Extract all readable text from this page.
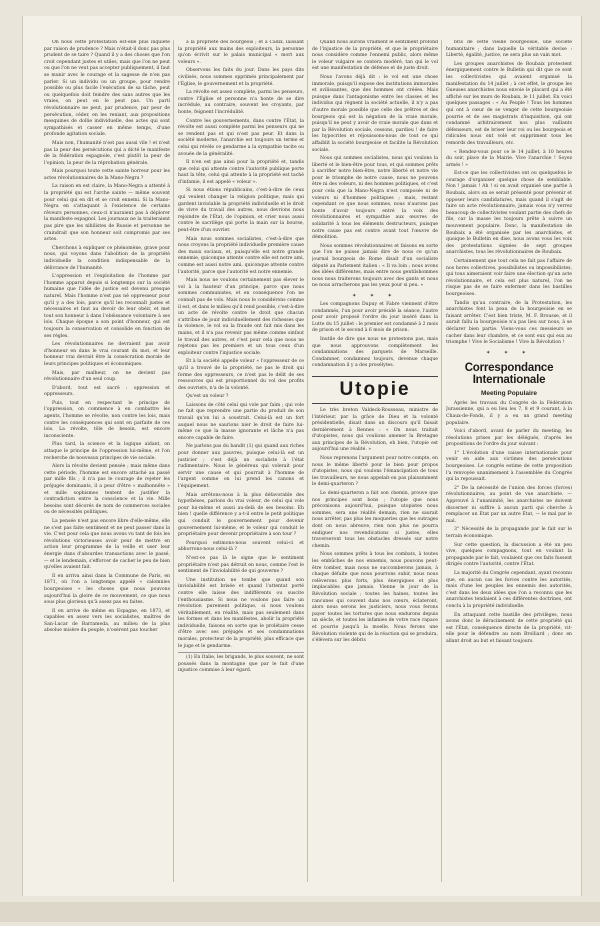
On nous cette protestation est-elle plus inquiète par raison de prudence ? Mais n'était-il donc pas plus prudent de se taire ? Quand il y a des choses que l'on croit cependant justes et utiles, mais que l'on ne peut ou que l'on ne veut pas accepter publiquement, il faut se munir avec le courage et la sagesse de n'en pas parler. Si un individu ou un groupe, pour rendre possible ou plus facile l'exécution de sa tâche, peut ou quelquefois doit feindre des sans autres que les vraies, on peut en le peut pas. Un parti révolutionnaire ne peut, par prudence, par peur de persécution, céder, en les reniant, aux propositions mesquines de dollie individuelle, des actes qui sont sympathisés et casser en même temps, d'une profonde agitation sociale.

Mais non, l'humanité n'est pas aussi vile ! et n'est pas la peur des persécutions qui a dicté le manifeste de la fédération espagnole, c'est plutôt la peur de l'opinion, la peur de la réprobation générale.

Mais pourquoi toute cette sainte horreur pour les actes révolutionnaires de la Mano-Negra ?

La raison en est claire, la Mano-Negra a attenté à la propriété qui est l'arche sainte — même souvent pour celui qui en dit et se croit ennemi. Si la Mano-Negra en s'attaquant à l'existence de certains rêveurs personnes, ceux-ci n'auraient pas à déplorer la manifeste espagnol. Les journaux ne la traiteraient pas pire que les nihilistes de Russie et personne ne craindrait que son honneur soit compromis par ses actes.

Cherchons à expliquer ce phénomène, grave pour nous, qui voyons dans l'abolition de la propriété individuelle la condition indispensable de la délivrance de l'humanité.

L'oppression et l'exploitation de l'homme par l'homme apparut depuis si longtemps sur la société humaine que l'idée de justice est devenu presque naturel. Mais l'homme n'est pas né oppresseur pour qu'il y a des lois, parce qu'il les reconnaît justes et nécessaires et faut au devoir de leur obéir, et met tout son honneur à dans l'obéissance volontaire à ses lois. Chaque époque a son point d'honneur, qui est toujours la conservation et consolide en fonction de ses règles.

Les révolutionnaires ne devraient pas avoir d'honneur en dans le vrai courant du mot, et leur honneur vrai devrait être la consécration morale de leurs principes politiques et économiques.

Mais, par malheur, on ne devient pas révolutionnaire d'un seul coup.

D'abord, tout est sacré : oppression et oppresseurs.

Puis, tout en respectant le principe de l'oppression, on commence à en combattre les agents, l'homme se révolte, non contre les lois, mais contre les conséquences qui sont en parfaite de ces lois. La révolte, tôle de besoin, est encore inconsciente.

Plus tard, la science et la logique aidant, on attaque le principe de l'oppression lui-même, et l'on recherche de nouveaux principes de vie sociale.

Alors la révolte devient pensée ; mais même dans cette période, l'homme est encore attaché au passé par mille fils ; il n'a pas le courage de rejeter les préjugés dominants, il a peur d'être « malhonnête » et mille sophismes tentent de justifier la contradiction entre la conscience et la vie. Mille besoins sont décorés de nom de commerces sociales ou de nécessités politiques.

La pensée n'est pas encore libre d'elle-même, elle ne s'est pas faite sentiment et ne peut passer dans la vie. C'est pour cela que nous avons vu tant de fois les révolutions victorieuses avoir peur de mettre en action leur programme de la veille et user leur énergie dans d'absurdes transactions avec le passé, — et le lendemain, s'efforcer de cacher le peu de bien qu'elles avaient fait.

Il en arriva ainsi dans la Commune de Paris, en 1871, où l'on a longtemps appelé « calomnies bourgeoises » les choses que nous pouvons aujourd'hui la gloire de ce mouvement, ce que nous sous plus glorieux qu'à assez pas eu faites.

Il en arrive de même en Espagne, en 1873, et capables en assez vers les socialistes, maîtres de San-Lucar de Barrameda, au milieu de la plus absolue misère du peuple, n'osèrent pas toucher

à la propriété des bourgeois ; et à Cadix, laissant la propriété aux mains des exploiteurs, la personne qu'on écrivit sur le palais municipal « mort aux voleurs ».

Observons les faits du jour. Dans les pays dits civilisés, nous sommes opprimés principalement par l'Église, le gouvernement et la propriété.

La révolte est assez complète, parmi les penseurs, contre l'Église et personne n'a honte de se dire incrédule, au contraire, souvent les croyants, par honte, feignent l'incrédulité.

Contre les gouvernements, dans contre l'État, la révolte est aussi complète parmi les penseurs qui ne se rendent pas et qui n'est pas peur. Et dans la société moderne, l'anarchie est toujours un terme et celui qui révèle ce gendarme a la sympathie tacite ou avouée de la généralité.

Il n'en est pas ainsi pour la propriété et, tandis que celui qui attente contre l'autorité publique porte haut la tête, celui qui attente à la propriété est taché d'infamie, il est appelé « voleur ».

Si nous étions républicains, c'est-à-dire de ceux qui veulent changer la religion politique, mais qui gardent inviolable la propriété individuelle et le droit de vivre du travail des autres, nous devrions nous rejoindre de l'État, de l'opinion, et crier nous aussi contre le sacrilège qui porte la main sur la bourse, peut-être d'un ouvrier.

Mais nous sommes socialistes, c'est-à-dire que nous croyons la propriété individuelle première cause des maux sociaux, et, puisqu'elle est notre grande ennemie, quiconque attente contre elle est notre ami, comme est aussi notre ami, quiconque attente contre l'autorité, parce que l'autorité est notre ennemie.

Mais nous ne voulons certainement pas élever le vol à la hauteur d'un principe, parce que nous sommes communistes, et en conséquence l'on ne connaît pas de vols. Mais nous le considérons comme il est, et dans le milieu qu'il rend possible, c'est-à-dire un acte de révolte contre le droit que chacun s'attribue de jouir individuellement des richesses que la violence, le vol ou la fraude ont fait mis dans les mains, et il n'a pas revenir pas même comme sinfaut le travail des autres, et c'est pour cela que nous ne rejetons pas les premiers et un tous ceux d'un exploiteur contre l'injustice sociale.

Et à la société appelle voleur « l'oppresseur de ce qu'il a trouvé de la propriété, ne pas le droit qui forme des oppresseurs, ce n'est pas le délit de ses ressources qui est proportionnel du vol des profits des ouvriers, n'a de la volonté.

Qu'est un voleur ?

Laissons de côté celui qui vole par faim ; qui vole ne fait que reprendre une partie du produit de son travail qu'on lui a soustrait. Celui-là est un fort auquel nous ne saurions nier le droit de faire lui-même ce que la masse ignorante et lâche n'a pas encore capable de faire.

Ne parlons pas du bandit (1) qui quand aux riches pour donner aux pauvres, puisque celui-là est un justicier ; c'est déjà un socialiste à l'état rudimentaire. Nous le généreux qui volerait pour servir une cause et qui pourrait à l'homme de l'argent comme on lui prend les canons et l'équipement.

Mais arrêtons-nous à la plus défavorable des hypothèses, parlons du vrai voleur, de celui qui vole pour lui-même et aussi au-delà de ses besoins. Eh bien ! quelle différence y a-t-il entre le petit politique qui conduit le gouvernement pour devenir gouvernement lui-même, et le voleur qui conduit le propriétaire pour devenir propriétaire à son tour ?

Pourquoi estimons-nous souvent celui-ci et abhorrons-nous celui-là ?

N'est-ce pas là le signe que le sentiment propriétaire n'est pas détruit en nous, comme l'est le sentiment de l'inviolabilité de qui gouverne ?

Une institution ne tombe que quand son inviolabilité est brisée et quand l'attentat porté contre elle laisse des indifférents ou suscite l'enthousiasme. Si nous ne voulons pas faire un révolution purement politique, si nous voulons véritablement, en réalité, mais pas seulement dans les formes et dans les manifestes, abolir la propriété individuelle, faisons en sorte que le prolétaire cesse d'être avec ses préjugés et ses condamnations morales, protecteur de la propriété, plus efficace que le juge et le gendarme.

(1) En Italie, les brigands, le plus souvent, ne sont poussés dans la montagne que par le fait d'une injustice commise à leur égard.

Quand nous aurons vraiment le sentiment profond de l'injustice de la propriété, et que le propriétaire nous considère comme l'ennemi public, alors même le voleur vulgaire se contera modéré, tan qui le vol est une manifestation de défense et de juste droit.

Nous l'avons déjà dit : le vol est une chose immorale, puisqu'il expose des institutions immorales et avilissantes, que des hommes ont créées. Mais puisque dans l'antagonisme entre les classes et les individus qui règnent la société actuelle, il n'y a pas d'autre morale possible que celle des prêtres et des bourgeois qui est la négation de la vraie morale, puisqu'il ne peut y avoir de vraie morale que dans et par la Révolution sociale, cessons, pardieu ! de faire les hypocrites et réjouissons-nous de tout ce qui affaiblit la société bourgeoise et facilite la Révolution sociale.

Nous qui sommes socialistes, nous qui voulons la liberté et le bien-être pour tous, et qui sommes prêts à sacrifier notre bien-être, notre liberté et notre vie pour le triomphe de notre cause, nous ne pouvons être ni des voleurs, ni des hommes politiques, et c'est pour cela que la Mano-Negra n'est composée ni de voleurs ni d'hommes politiques ; mais, restant cependant ce que nous sommes, nous n'aurons pas honte d'avoir toujours entré la voix des révolutionnaires et sympathie aux œuvres de solidarité à tous les éléments destructeurs, puisque notre cause pas est contre avant tout l'œuvre de démolition.

Nous sommes révolutionnaires et faisons en sorte que l'on ne puisse jamais dire de nous ce qu'un journal bourgeois de Rome disait d'un socialiste député au Parlement italien : « Il va loin ; nous avons des idées différentes, mais entre nous gentilshommes nous nous traiterons toujours avec des gants et nous ne nous arracherons pas les yeux pour si peu. »

✶ ✶ ✶

Les compagnons Dupuy et Fabre viennent d'être condamnés, l'un pour avoir présidé la séance, l'autre pour avoir proposé l'ordre du jour inséré dans la Lutte du 15 juillet : le premier est condamné à 2 mois de prison et le second à 6 mois de prison.

Inutile de dire que nous ne protestons pas, mais que nous approuvons complètement les condamnations des parquets de Marseille. Condamner, condamnez toujours, devenue chaque condamnation il y a des prosélytes.

Utopie

Le très breton Valdeck-Rousseau, ministre de l'intérieur, par la grâce de Dieu et la volonté présidentielle, disait dans un discours qu'il faisait dernièrement à Rennes : « On nous traitait d'utopistes, nous qui voulions amener la Bretagne aux principes de la Révolution, eh bien, l'utopie est aujourd'hui une réalité. »

Nous reprenons l'argument pour notre compte, en nous le même liberté pour le bien pour propos d'utopistes, nous qui voulons l'émancipation de tous les travailleurs, ne nous appelait-on pas plaisamment le demi-quarteron ?

Le demi-quarteron a fait son chemin, prouve que nos principes sont bons ; l'utopie que nous préconisons aujourd'hui, puisque utopistes nous sommes, sera une réalité demain, rien ne saurait nous arrêter, pas plus les moqueries que les outrages dont on nous abreuve, rien non plus ne pourra endiguer nos revendications si justes, elles traverseront tous les obstacles dressés sur notre chemin.

Nous sommes prêts à tous les combats, à toutes les embûches de nos ennemis, nous pouvons peut-être tomber, mais nous ne succomberons jamais, à chaque défaite que nous pourrons subir, nous nous relèverons plus forts, plus énergiques et plus implacables que jamais. Vienne le jour de la Révolution sociale ; toutes les haines, toutes les rancunes qui couvent dans nos cœurs, éclateront, alors nous serons les justiciers, nous vous ferons payer toutes les tortures que nous endurons depuis un siècle, et toutes les infamies de votre race rapace et pourrie jusqu'à la moelle. Nous ferons une Révolution violente qui de la réaction qui se produira, s'élèvera sur les débris

bris de cette vieille bourgeoisie, une société humanitaire ; dans laquelle la véritable devise : Liberté, égalité, justice, ne sera plus un vain mot.

Les groupes anarchistes de Roubaix protestent énergiquement contre le Bulletin qui dit que ce sont les collectivistes qui avaient organisé la manifestation du 14 juillet ; à cet effet, le groupe les Gueuses anarchistes nous envoie le placard qui a été affiché sur les murs de Roubaix, le 11 juillet. En voici quelques passages : « Au Peuple ! Tous les hommes qui ont à cœur de se venger de cette bourgeoisie pourrie et de ses magistrats d'inquisition, qui ont condamné arbitrairement nos plus vaillants défenseurs, est de briser leur roi ou les bourgeois et ridicules nous ont volé et suppriment tous les remords des travailleurs, etc.

« Rendez-vous pour ce le 14 juillet, à 10 heures du soir, place de la Mairie. Vive l'anarchie ! Soyez armés ! »

Est-ce que les collectivistes ont ou quelquefois le courage d'organiser quelque chose de semblable. Non ! jamais ! Ah ! si on avait organisé une partie à Roubaix, alors on se serait présenté pour prévenir et opposer leurs candidatures, mais quand il s'agit de faire un acte révolutionnaire, jamais vous n'y verrez beaucoup de collectivistes voulant partie des chefs de file, car la masse les toujours prête à suivre un mouvement populaire. Donc, la manifestation de Roubaix a été organisée par les anarchistes, et quoique le Bulletin en dise, nous avons vous les voix des protestations signées de sept groupes anarchistes, tous les révolutionnaires de Roubaix.

Certainement que tout cela ne fait pas l'affaire de nos hores collectives, possibilistes ou impossibilistes, qui tous aimeraient voir faire une élection qu'un acte révolutionnaire, et cela est plus naturel, l'on ne risque pas de se faire enfermer dans les bastilles bourgeoises.

Tandis qu'au contraire, de la Protestation, les anarchistes font la peau de la bourgeoisie en se faisant arrêter. C'est bien triste, M. F. Brousse, et il aurait fallu la bourgeoisie n'a pas lieu sur nous, à se déclarer bien partie. Viens-vous ces messieurs se cacher dans leur chambre, et ce sont eux qui eux au triomphe ! Vive le Socialisme ! Vive la Révolution !

✶ ✶ ✶
Correspondance Internationale
Meeting Populaire

Après les travaux du Congrès de la Fédération Jurassienne, qui a eu lieu les 7, 8 et 9 courant, à la Chaux-de-Fonds, il y a eu un grand meeting populaire.

Voici d'abord, avant de parler du meeting, les résolutions prises par les délégués, d'après les propositions de l'ordre du jour suivant :

1° L'évolution d'une caisse internationale pour venir en aide aux victimes des persécutions bourgeoises. Le congrès estime de cette proposition l'a renvoyée unanimement à l'assemblée du Congrès qui la repoussait.

2° De la nécessité de l'union des forces (forces) révolutionnaires, au point de vue anarchiste. — Approuvé à l'unanimité, les anarchistes ne doivent discerner ni suffire à aucun parti qui cherche à remplacer un État par un autre État, — le mal par le mal.

3° Nécessité de la propagande par le fait sur le terrain économique.

Sur cette question, la discussion a été un peu vive, quelques compagnons, tout en voulant la propagande par le fait, voulaient que ces faits fussent dirigés contre l'autorité, contre l'État.

La majorité du Congrès cependant, ayant reconnu que, en aucun cas les forces contre les autorités, mais d'une les peuples les ennemis des autorités, c'est dans les deux idées que l'on a reconnu que les anarchistes tendaient à ces différentes doctrines, ont conclu à la propriété individuelle.

En attaquant cette bastille des privilèges, nous avons donc le déracinement de cette propriété qui est l'État, conséquence directe de la propriété, vit-elle pour le défendre au nom Brolliard ; donc en allant droit au but et faisant toujours.
